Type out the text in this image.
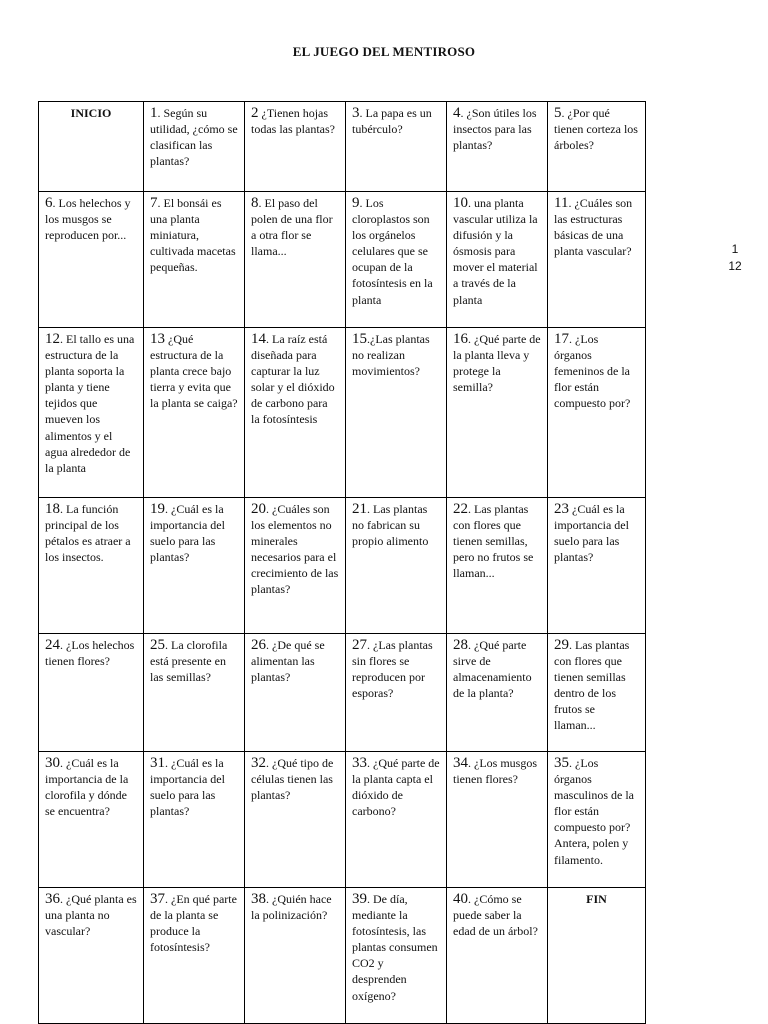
EL JUEGO DEL MENTIROSO
1
12
INICIO	1. Según su utilidad, ¿cómo se clasifican las plantas?	2 ¿Tienen hojas todas las plantas?	3. La papa es un tubérculo?	4. ¿Son útiles los insectos para las plantas?	5. ¿Por qué tienen corteza los árboles?
6. Los helechos y los musgos se reproducen por...	7. El bonsái es una planta miniatura, cultivada macetas pequeñas.	8. El paso del polen de una flor a otra flor se llama...	9. Los cloroplastos son los orgánelos celulares que se ocupan de la fotosíntesis en la planta	10. una planta vascular utiliza la difusión y la ósmosis para mover el material a través de la planta	11. ¿Cuáles son las estructuras básicas de una planta vascular?
12. El tallo es una estructura de la planta soporta la planta y tiene tejidos que mueven los alimentos y el agua alrededor de la planta	13 ¿Qué estructura de la planta crece bajo tierra y evita que la planta se caiga?	14. La raíz está diseñada para capturar la luz solar y el dióxido de carbono para la fotosíntesis	15.¿Las plantas no realizan movimientos?	16. ¿Qué parte de la planta lleva y protege la semilla?	17. ¿Los órganos femeninos de la flor están compuesto por?
18. La función principal de los pétalos es atraer a los insectos.	19. ¿Cuál es la importancia del suelo para las plantas?	20. ¿Cuáles son los elementos no minerales necesarios para el crecimiento de las plantas?	21. Las plantas no fabrican su propio alimento	22. Las plantas con flores que tienen semillas, pero no frutos se llaman...	23 ¿Cuál es la importancia del suelo para las plantas?
24. ¿Los helechos tienen flores?	25. La clorofila está presente en las semillas?	26. ¿De qué se alimentan las plantas?	27. ¿Las plantas sin flores se reproducen por esporas?	28. ¿Qué parte sirve de almacenamiento de la planta?	29. Las plantas con flores que tienen semillas dentro de los frutos se llaman...
30. ¿Cuál es la importancia de la clorofila y dónde se encuentra?	31. ¿Cuál es la importancia del suelo para las plantas?	32. ¿Qué tipo de células tienen las plantas?	33. ¿Qué parte de la planta capta el dióxido de carbono?	34. ¿Los musgos tienen flores?	35. ¿Los órganos masculinos de la flor están compuesto por? Antera, polen y filamento.
36. ¿Qué planta es una planta no vascular?	37. ¿En qué parte de la planta se produce la fotosíntesis?	38. ¿Quién hace la polinización?	39. De día, mediante la fotosíntesis, las plantas consumen CO2 y desprenden oxígeno?	40. ¿Cómo se puede saber la edad de un árbol?	FIN
